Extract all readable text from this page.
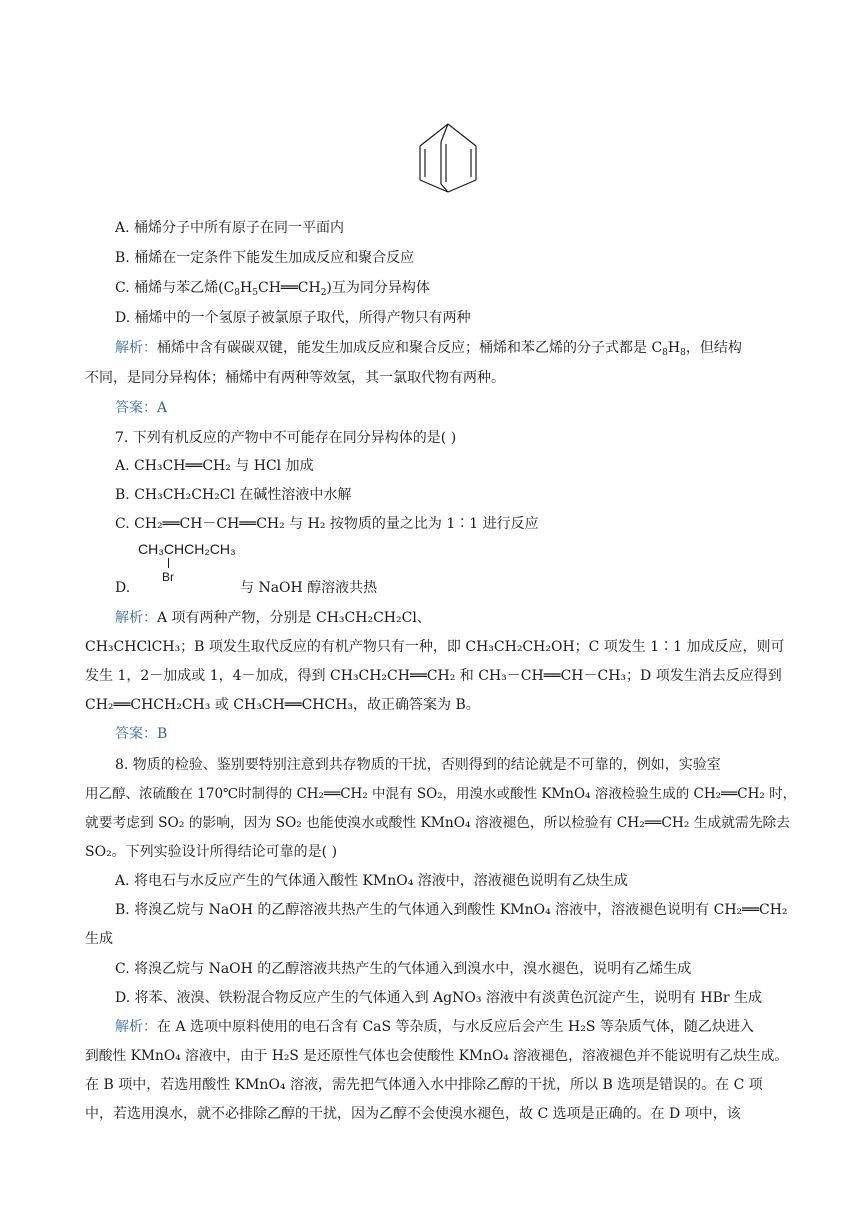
A. 桶烯分子中所有原子在同一平面内
B. 桶烯在一定条件下能发生加成反应和聚合反应
C. 桶烯与苯乙烯$(C_8H_5CH══CH_2)$互为同分异构体
D. 桶烯中的一个氢原子被氯原子取代，所得产物只有两种
解析：桶烯中含有碳碳双键，能发生加成反应和聚合反应；桶烯和苯乙烯的分子式都是 $C_8H_8$，但结构
不同，是同分异构体；桶烯中有两种等效氢，其一氯取代物有两种。
答案：A
7. 下列有机反应的产物中不可能存在同分异构体的是( )
A. CH₃CH══CH₂ 与 HCl 加成
B. CH₃CH₂CH₂Cl 在碱性溶液中水解
C. CH₂══CH－CH══CH₂ 与 H₂ 按物质的量之比为 1∶1 进行反应
CH₃CHCH₂CH₃
Br
D.	与 NaOH 醇溶液共热
解析：A 项有两种产物，分别是 CH₃CH₂CH₂Cl、
CH₃CHClCH₃；B 项发生取代反应的有机产物只有一种，即 CH₃CH₂CH₂OH；C 项发生 1∶1 加成反应，则可
发生 1，2－加成或 1，4－加成，得到 CH₃CH₂CH══CH₂ 和 CH₃－CH══CH－CH₃；D 项发生消去反应得到
CH₂══CHCH₂CH₃ 或 CH₃CH══CHCH₃，故正确答案为 B。
答案：B
8. 物质的检验、鉴别要特别注意到共存物质的干扰，否则得到的结论就是不可靠的，例如，实验室
用乙醇、浓硫酸在 170℃时制得的 CH₂══CH₂ 中混有 SO₂，用溴水或酸性 KMnO₄ 溶液检验生成的 CH₂══CH₂ 时，
就要考虑到 SO₂ 的影响，因为 SO₂ 也能使溴水或酸性 KMnO₄ 溶液褪色，所以检验有 CH₂══CH₂ 生成就需先除去
SO₂。下列实验设计所得结论可靠的是( )
A. 将电石与水反应产生的气体通入酸性 KMnO₄ 溶液中，溶液褪色说明有乙炔生成
B. 将溴乙烷与 NaOH 的乙醇溶液共热产生的气体通入到酸性 KMnO₄ 溶液中，溶液褪色说明有 CH₂══CH₂
生成
C. 将溴乙烷与 NaOH 的乙醇溶液共热产生的气体通入到溴水中，溴水褪色，说明有乙烯生成
D. 将苯、液溴、铁粉混合物反应产生的气体通入到 AgNO₃ 溶液中有淡黄色沉淀产生，说明有 HBr 生成
解析：在 A 选项中原料使用的电石含有 CaS 等杂质，与水反应后会产生 H₂S 等杂质气体，随乙炔进入
到酸性 KMnO₄ 溶液中，由于 H₂S 是还原性气体也会使酸性 KMnO₄ 溶液褪色，溶液褪色并不能说明有乙炔生成。
在 B 项中，若选用酸性 KMnO₄ 溶液，需先把气体通入水中排除乙醇的干扰，所以 B 选项是错误的。在 C 项
中，若选用溴水，就不必排除乙醇的干扰，因为乙醇不会使溴水褪色，故 C 选项是正确的。在 D 项中，该
